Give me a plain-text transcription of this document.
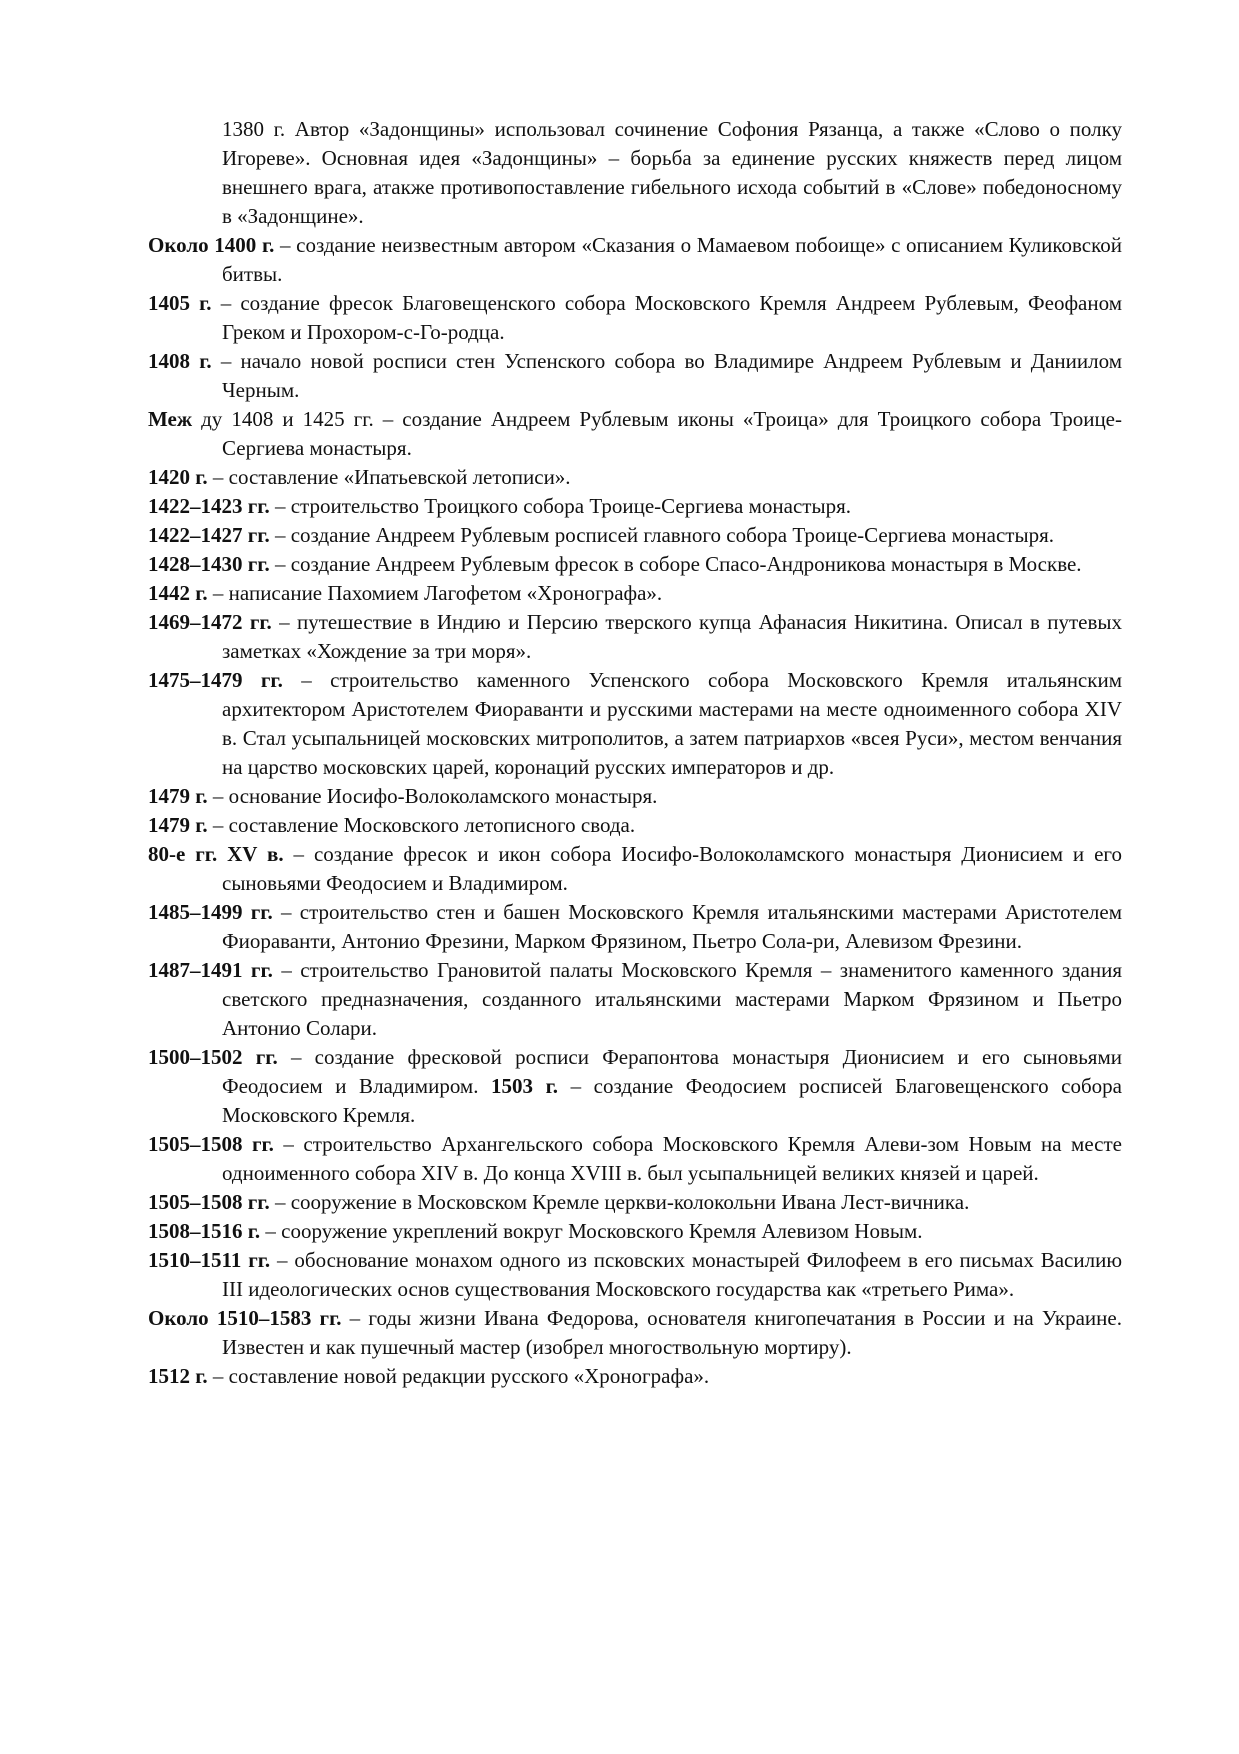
1380 г. Автор «Задонщины» использовал сочинение Софония Рязанца, а также «Слово о полку Игореве». Основная идея «Задонщины» – борьба за единение русских княжеств перед лицом внешнего врага, атакже противопоставление гибельного исхода событий в «Слове» победоносному в «Задонщине».

Около 1400 г. – создание неизвестным автором «Сказания о Мамаевом побоище» с описанием Куликовской битвы.

1405 г. – создание фресок Благовещенского собора Московского Кремля Андреем Рублевым, Феофаном Греком и Прохором-с-Го-родца.

1408 г. – начало новой росписи стен Успенского собора во Владимире Андреем Рублевым и Даниилом Черным.

Меж ду 1408 и 1425 гг. – создание Андреем Рублевым иконы «Троица» для Троицкого собора Троице-Сергиева монастыря.

1420 г. – составление «Ипатьевской летописи».

1422–1423 гг. – строительство Троицкого собора Троице-Сергиева монастыря.

1422–1427 гг. – создание Андреем Рублевым росписей главного собора Троице-Сергиева монастыря.

1428–1430 гг. – создание Андреем Рублевым фресок в соборе Спасо-Андроникова монастыря в Москве.

1442 г. – написание Пахомием Лагофетом «Хронографа».

1469–1472 гг. – путешествие в Индию и Персию тверского купца Афанасия Никитина. Описал в путевых заметках «Хождение за три моря».

1475–1479 гг. – строительство каменного Успенского собора Московского Кремля итальянским архитектором Аристотелем Фиораванти и русскими мастерами на месте одноименного собора XIV в. Стал усыпальницей московских митрополитов, а затем патриархов «всея Руси», местом венчания на царство московских царей, коронаций русских императоров и др.

1479 г. – основание Иосифо-Волоколамского монастыря.

1479 г. – составление Московского летописного свода.

80-е гг. XV в. – создание фресок и икон собора Иосифо-Волоколамского монастыря Дионисием и его сыновьями Феодосием и Владимиром.

1485–1499 гг. – строительство стен и башен Московского Кремля итальянскими мастерами Аристотелем Фиораванти, Антонио Фрезини, Марком Фрязином, Пьетро Сола-ри, Алевизом Фрезини.

1487–1491 гг. – строительство Грановитой палаты Московского Кремля – знаменитого каменного здания светского предназначения, созданного итальянскими мастерами Марком Фрязином и Пьетро Антонио Солари.

1500–1502 гг. – создание фресковой росписи Ферапонтова монастыря Дионисием и его сыновьями Феодосием и Владимиром. 1503 г. – создание Феодосием росписей Благовещенского собора Московского Кремля.

1505–1508 гг. – строительство Архангельского собора Московского Кремля Алеви-зом Новым на месте одноименного собора XIV в. До конца XVIII в. был усыпальницей великих князей и царей.

1505–1508 гг. – сооружение в Московском Кремле церкви-колокольни Ивана Лест-вичника.

1508–1516 г. – сооружение укреплений вокруг Московского Кремля Алевизом Новым.

1510–1511 гг. – обоснование монахом одного из псковских монастырей Филофеем в его письмах Василию III идеологических основ существования Московского государства как «третьего Рима».

Около 1510–1583 гг. – годы жизни Ивана Федорова, основателя книгопечатания в России и на Украине. Известен и как пушечный мастер (изобрел многоствольную мортиру).

1512 г. – составление новой редакции русского «Хронографа».
